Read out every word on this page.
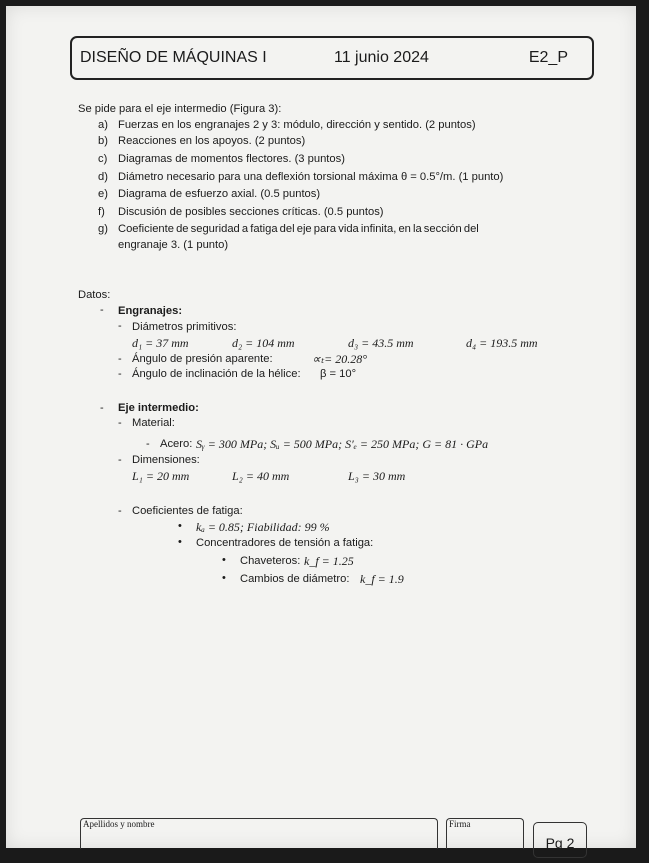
DISEÑO DE MÁQUINAS I	11 junio 2024	E2_P
Se pide para el eje intermedio (Figura 3):
a) Fuerzas en los engranajes 2 y 3: módulo, dirección y sentido. (2 puntos)
b) Reacciones en los apoyos. (2 puntos)
c) Diagramas de momentos flectores. (3 puntos)
d) Diámetro necesario para una deflexión torsional máxima θ = 0.5°/m. (1 punto)
e) Diagrama de esfuerzo axial. (0.5 puntos)
f) Discusión de posibles secciones críticas. (0.5 puntos)
g) Coeficiente de seguridad a fatiga del eje para vida infinita, en la sección del
engranaje 3. (1 punto)
Datos:
- Engranajes:
- Diámetros primitivos:
d₁ = 37 mm	d₂ = 104 mm	d₃ = 43.5 mm	d₄ = 193.5 mm
- Ángulo de presión aparente:	∝ₜ= 20.28°
- Ángulo de inclinación de la hélice: β = 10°
- Eje intermedio:
- Material:
- Acero: Sᵧ = 300 MPa; Sᵤ = 500 MPa; S′ₑ = 250 MPa; G = 81 · GPa
- Dimensiones:
L₁ = 20 mm	L₂ = 40 mm	L₃ = 30 mm
- Coeficientes de fatiga:
• kₐ = 0.85; Fiabilidad: 99 %
• Concentradores de tensión a fatiga:
• Chaveteros: k_f = 1.25
• Cambios de diámetro: k_f = 1.9
Apellidos y nombre	Firma
Pg 2
